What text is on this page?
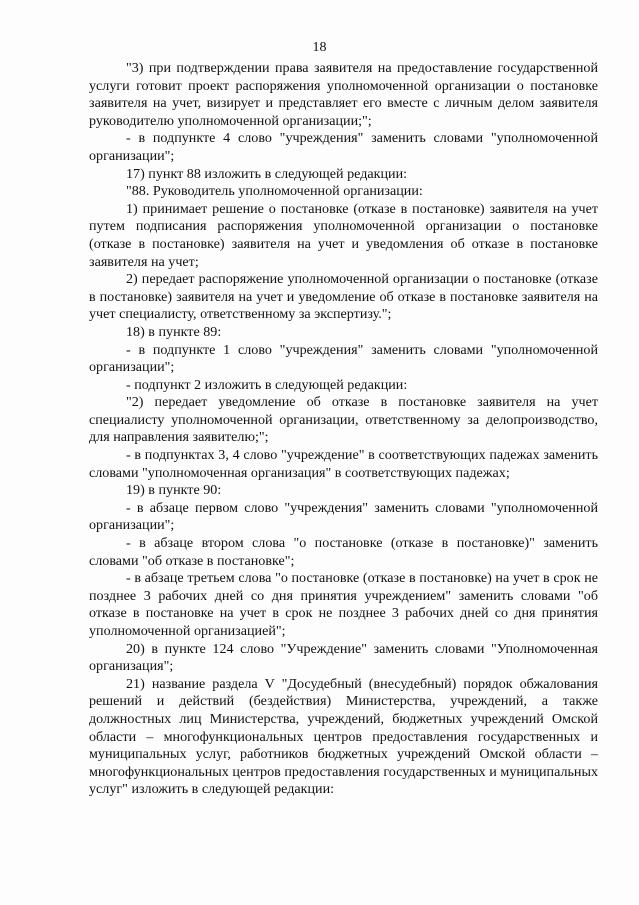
18

"3) при подтверждении права заявителя на предоставление государственной услуги готовит проект распоряжения уполномоченной организации о постановке заявителя на учет, визирует и представляет его вместе с личным делом заявителя руководителю уполномоченной организации;";

- в подпункте 4 слово "учреждения" заменить словами "уполномоченной организации";

17) пункт 88 изложить в следующей редакции:

"88. Руководитель уполномоченной организации:

1) принимает решение о постановке (отказе в постановке) заявителя на учет путем подписания распоряжения уполномоченной организации о постановке (отказе в постановке) заявителя на учет и уведомления об отказе в постановке заявителя на учет;

2) передает распоряжение уполномоченной организации о постановке (отказе в постановке) заявителя на учет и уведомление об отказе в постановке заявителя на учет специалисту, ответственному за экспертизу.";

18) в пункте 89:

- в подпункте 1 слово "учреждения" заменить словами "уполномоченной организации";

- подпункт 2 изложить в следующей редакции:

"2) передает уведомление об отказе в постановке заявителя на учет специалисту уполномоченной организации, ответственному за делопроизводство, для направления заявителю;";

- в подпунктах 3, 4 слово "учреждение" в соответствующих падежах заменить словами "уполномоченная организация" в соответствующих падежах;

19) в пункте 90:

- в абзаце первом слово "учреждения" заменить словами "уполномоченной организации";

- в абзаце втором слова "о постановке (отказе в постановке)" заменить словами "об отказе в постановке";

- в абзаце третьем слова "о постановке (отказе в постановке) на учет в срок не позднее 3 рабочих дней со дня принятия учреждением" заменить словами "об отказе в постановке на учет в срок не позднее 3 рабочих дней со дня принятия уполномоченной организацией";

20) в пункте 124 слово "Учреждение" заменить словами "Уполномоченная организация";

21) название раздела V "Досудебный (внесудебный) порядок обжалования решений и действий (бездействия) Министерства, учреждений, а также должностных лиц Министерства, учреждений, бюджетных учреждений Омской области – многофункциональных центров предоставления государственных и муниципальных услуг, работников бюджетных учреждений Омской области – многофункциональных центров предоставления государственных и муниципальных услуг" изложить в следующей редакции:
